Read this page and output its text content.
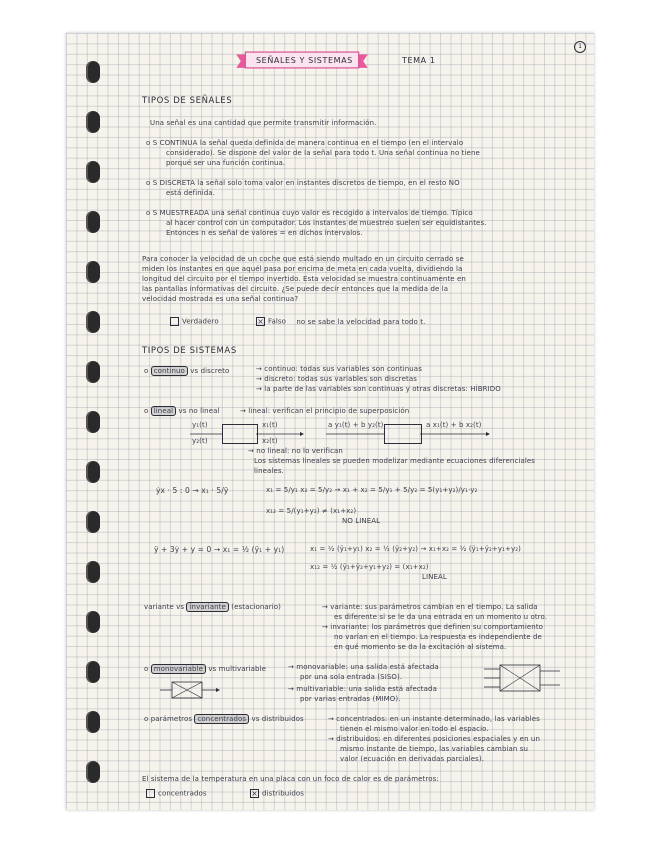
1
SEÑALES Y SISTEMAS	TEMA 1
TIPOS DE SEÑALES
Una señal es una cantidad que permite transmitir información.
o S CONTINUA la señal queda definida de manera continua en el tiempo (en el intervalo
considerado). Se dispone del valor de la señal para todo t. Una señal continua no tiene
porqué ser una función continua.
o S DISCRETA la señal solo toma valor en instantes discretos de tiempo, en el resto NO
está definida.
o S MUESTREADA una señal continua cuyo valor es recogido a intervalos de tiempo. Típico
al hacer control con un computador. Los instantes de muestreo suelen ser equidistantes.
Entonces n es señal de valores = en dichos intervalos.
Para conocer la velocidad de un coche que está siendo multado en un circuito cerrado se
miden los instantes en que aquél pasa por encima de meta en cada vuelta, dividiendo la
longitud del circuito por el tiempo invertido. Esta velocidad se muestra continuamente en
las pantallas informativas del circuito. ¿Se puede decir entonces que la medida de la
velocidad mostrada es una señal continua?
Verdadero ×	Falso no se sabe la velocidad para todo t.
TIPOS DE SISTEMAS
o continuo vs discreto	→ continuo: todas sus variables son continuas
→ discreto: todas sus variables son discretas
→ la parte de las variables son continuas y otras discretas: HÍBRIDO
o lineal vs no lineal	→ lineal: verifican el principio de superposición
y₁(t)
y₂(t)
x₁(t)
x₂(t)
a y₁(t) + b y₂(t)	a x₁(t) + b x₂(t)
→ no lineal: no lo verifican
Los sistemas lineales se pueden modelizar mediante ecuaciones diferenciales
lineales.
ẏx · 5 : 0 → x₁ · 5/ÿ	x₁ = 5/y₁ x₂ = 5/y₂ → x₁ + x₂ = 5/y₁ + 5/y₂ = 5(y₁+y₂)/y₁·y₂
x₁₂ = 5/(y₁+y₂) ≠ (x₁+x₂)
NO LINEAL
ÿ + 3ẏ + y = 0 → x₁ = ½ (ÿ₁ + y₁)	x₁ = ½ (ÿ₁+y₁) x₂ = ½ (ÿ₂+y₂) → x₁+x₂ = ½ (ÿ₁+ÿ₂+y₁+y₂)
x₁₂ = ½ (ÿ₁+ÿ₂+y₁+y₂) = (x₁+x₂)
LINEAL
variante vs invariante (estacionario)	→ variante: sus parámetros cambian en el tiempo. La salida
es diferente si se le da una entrada en un momento u otro.
→ invariante: los parámetros que definen su comportamiento
no varían en el tiempo. La respuesta es independiente de
en qué momento se da la excitación al sistema.
o monovariable vs multivariable	→ monovariable: una salida está afectada
por una sola entrada (SISO).
→ multivariable: una salida está afectada
por varias entradas (MIMO).
o parámetros concentrados vs distribuidos	→ concentrados: en un instante determinado, las variables
tienen el mismo valor en todo el espacio.
→ distribuidos: en diferentes posiciones espaciales y en un
mismo instante de tiempo, las variables cambian su
valor (ecuación en derivadas parciales).
El sistema de la temperatura en una placa con un foco de calor es de parámetros:
concentrados ×	distribuidos
